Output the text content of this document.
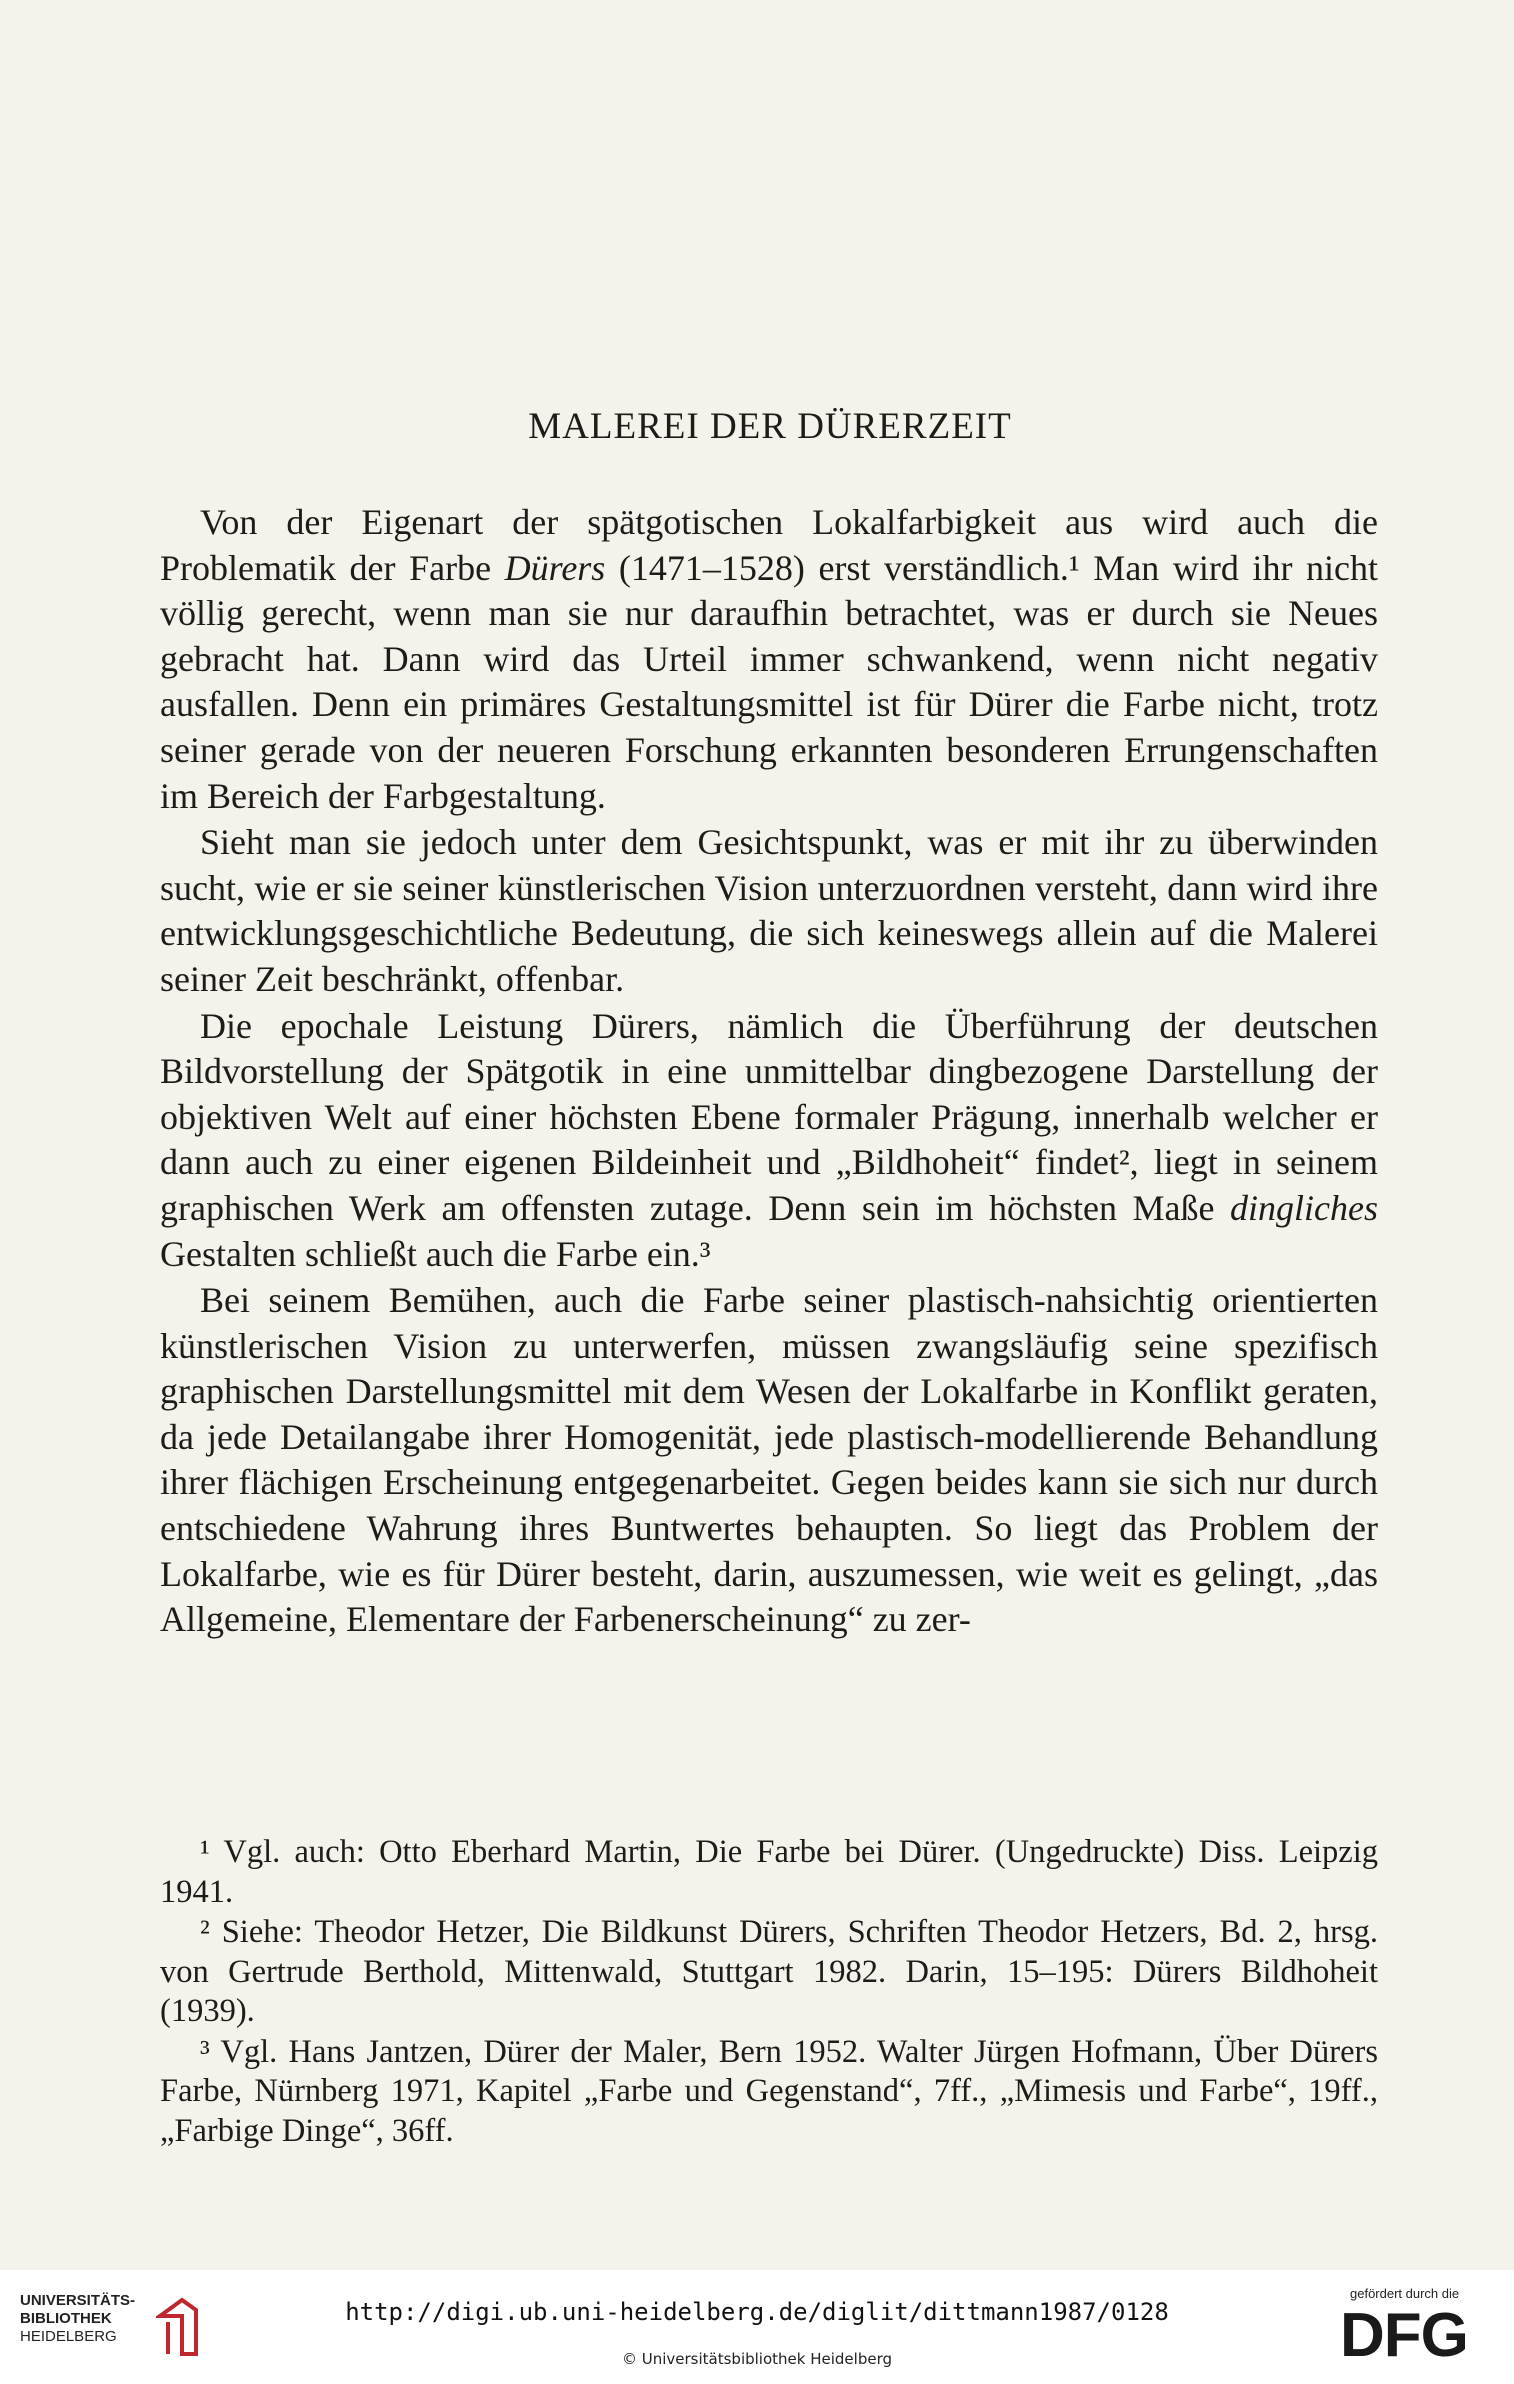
MALEREI DER DÜRERZEIT

Von der Eigenart der spätgotischen Lokalfarbigkeit aus wird auch die Problematik der Farbe Dürers (1471–1528) erst verständlich.¹ Man wird ihr nicht völlig gerecht, wenn man sie nur daraufhin betrachtet, was er durch sie Neues gebracht hat. Dann wird das Urteil immer schwankend, wenn nicht negativ ausfallen. Denn ein primäres Gestaltungsmittel ist für Dürer die Farbe nicht, trotz seiner gerade von der neueren Forschung erkannten besonderen Errungenschaften im Bereich der Farbgestaltung.

Sieht man sie jedoch unter dem Gesichtspunkt, was er mit ihr zu überwinden sucht, wie er sie seiner künstlerischen Vision unterzuordnen versteht, dann wird ihre entwicklungsgeschichtliche Bedeutung, die sich keineswegs allein auf die Malerei seiner Zeit beschränkt, offenbar.

Die epochale Leistung Dürers, nämlich die Überführung der deutschen Bildvorstellung der Spätgotik in eine unmittelbar dingbezogene Darstellung der objektiven Welt auf einer höchsten Ebene formaler Prägung, innerhalb welcher er dann auch zu einer eigenen Bildeinheit und „Bildhoheit“ findet², liegt in seinem graphischen Werk am offensten zutage. Denn sein im höchsten Maße dingliches Gestalten schließt auch die Farbe ein.³

Bei seinem Bemühen, auch die Farbe seiner plastisch-nahsichtig orientierten künstlerischen Vision zu unterwerfen, müssen zwangsläufig seine spezifisch graphischen Darstellungsmittel mit dem Wesen der Lokalfarbe in Konflikt geraten, da jede Detailangabe ihrer Homogenität, jede plastisch-modellierende Behandlung ihrer flächigen Erscheinung entgegenarbeitet. Gegen beides kann sie sich nur durch entschiedene Wahrung ihres Buntwertes behaupten. So liegt das Problem der Lokalfarbe, wie es für Dürer besteht, darin, auszumessen, wie weit es gelingt, „das Allgemeine, Elementare der Farbenerscheinung“ zu zer-

¹ Vgl. auch: Otto Eberhard Martin, Die Farbe bei Dürer. (Ungedruckte) Diss. Leipzig 1941.

² Siehe: Theodor Hetzer, Die Bildkunst Dürers, Schriften Theodor Hetzers, Bd. 2, hrsg. von Gertrude Berthold, Mittenwald, Stuttgart 1982. Darin, 15–195: Dürers Bildhoheit (1939).

³ Vgl. Hans Jantzen, Dürer der Maler, Bern 1952. Walter Jürgen Hofmann, Über Dürers Farbe, Nürnberg 1971, Kapitel „Farbe und Gegenstand“, 7ff., „Mimesis und Farbe“, 19ff., „Farbige Dinge“, 36ff.

UNIVERSITÄTS-
BIBLIOTHEK
HEIDELBERG
http://digi.ub.uni-heidelberg.de/diglit/dittmann1987/0128
© Universitätsbibliothek Heidelberg
gefördert durch die
DFG
